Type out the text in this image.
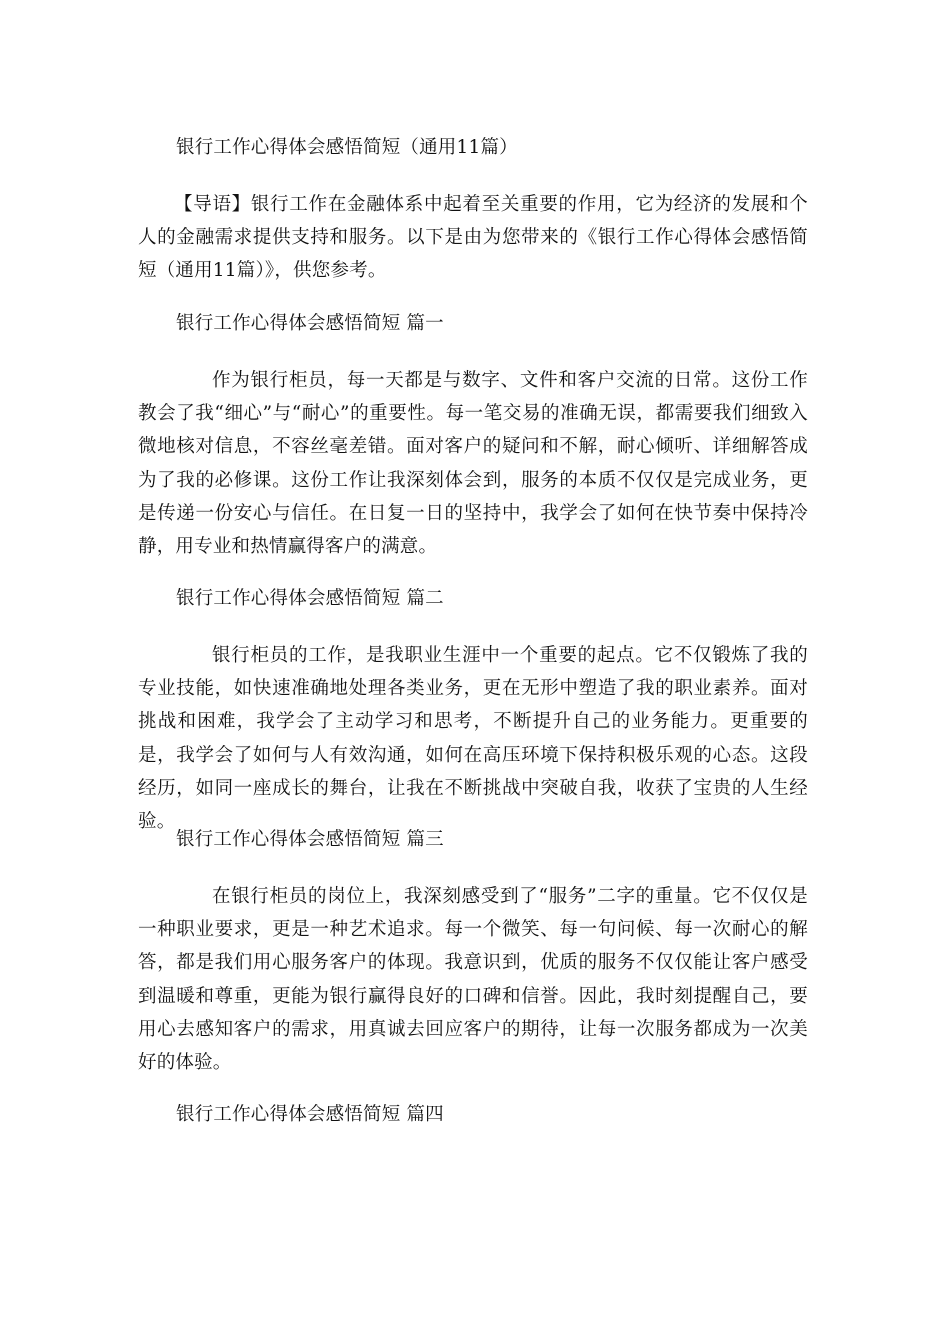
银行工作心得体会感悟简短（通用11篇）
【导语】银行工作在金融体系中起着至关重要的作用，它为经济的发展和个人的金融需求提供支持和服务。以下是由为您带来的《银行工作心得体会感悟简短（通用11篇）》，供您参考。
银行工作心得体会感悟简短 篇一
作为银行柜员，每一天都是与数字、文件和客户交流的日常。这份工作教会了我“细心”与“耐心”的重要性。每一笔交易的准确无误，都需要我们细致入微地核对信息，不容丝毫差错。面对客户的疑问和不解，耐心倾听、详细解答成为了我的必修课。这份工作让我深刻体会到，服务的本质不仅仅是完成业务，更是传递一份安心与信任。在日复一日的坚持中，我学会了如何在快节奏中保持冷静，用专业和热情赢得客户的满意。
银行工作心得体会感悟简短 篇二
银行柜员的工作，是我职业生涯中一个重要的起点。它不仅锻炼了我的专业技能，如快速准确地处理各类业务，更在无形中塑造了我的职业素养。面对挑战和困难，我学会了主动学习和思考，不断提升自己的业务能力。更重要的是，我学会了如何与人有效沟通，如何在高压环境下保持积极乐观的心态。这段经历，如同一座成长的舞台，让我在不断挑战中突破自我，收获了宝贵的人生经验。
银行工作心得体会感悟简短 篇三
在银行柜员的岗位上，我深刻感受到了“服务”二字的重量。它不仅仅是一种职业要求，更是一种艺术追求。每一个微笑、每一句问候、每一次耐心的解答，都是我们用心服务客户的体现。我意识到，优质的服务不仅仅能让客户感受到温暖和尊重，更能为银行赢得良好的口碑和信誉。因此，我时刻提醒自己，要用心去感知客户的需求，用真诚去回应客户的期待，让每一次服务都成为一次美好的体验。
银行工作心得体会感悟简短 篇四
